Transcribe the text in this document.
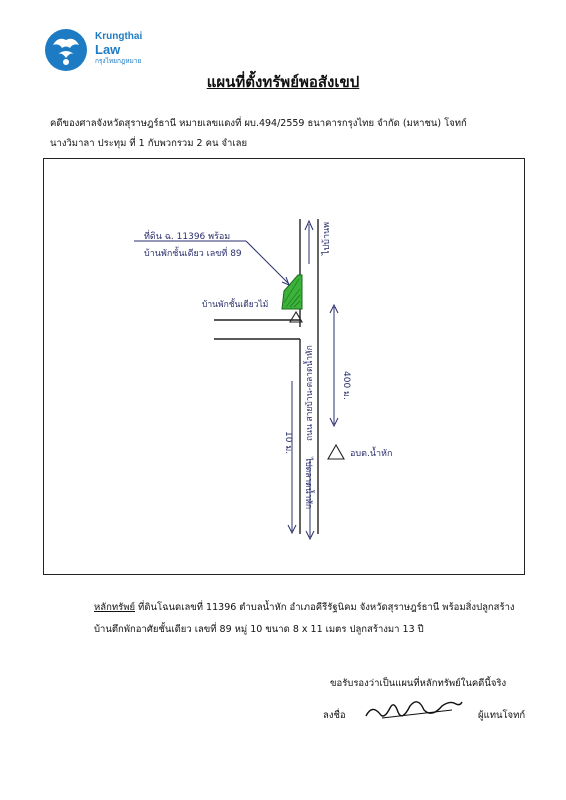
Krungthai
Law
กรุงไทยกฎหมาย
แผนที่ตั้งทรัพย์พอสังเขป
คดีของศาลจังหวัดสุราษฎร์ธานี หมายเลขแดงที่ ผบ.494/2559 ธนาคารกรุงไทย จำกัด (มหาชน) โจทก์
นางวิมาลา ประทุม ที่ 1 กับพวกรวม 2 คน จำเลย
ไปบ้านพ
ที่ดิน ฉ. 11396 พร้อม
บ้านพักชั้นเดียว เลขที่ 89
บ้านพักชั้นเดียวไม้
ถนน สายบ้าน-ตลาดน้ำหัก	400 ม.
อบต.น้ำหัก
10 ม.
ไปตลาดน้ำหัก
หลักทรัพย์ ที่ดินโฉนดเลขที่ 11396 ตำบลน้ำหัก อำเภอคีรีรัฐนิคม จังหวัดสุราษฎร์ธานี พร้อมสิ่งปลูกสร้าง
บ้านตึกพักอาศัยชั้นเดียว เลขที่ 89 หมู่ 10 ขนาด 8 x 11 เมตร ปลูกสร้างมา 13 ปี
ขอรับรองว่าเป็นแผนที่หลักทรัพย์ในคดีนี้จริง
ลงชื่อ	ผู้แทนโจทก์
